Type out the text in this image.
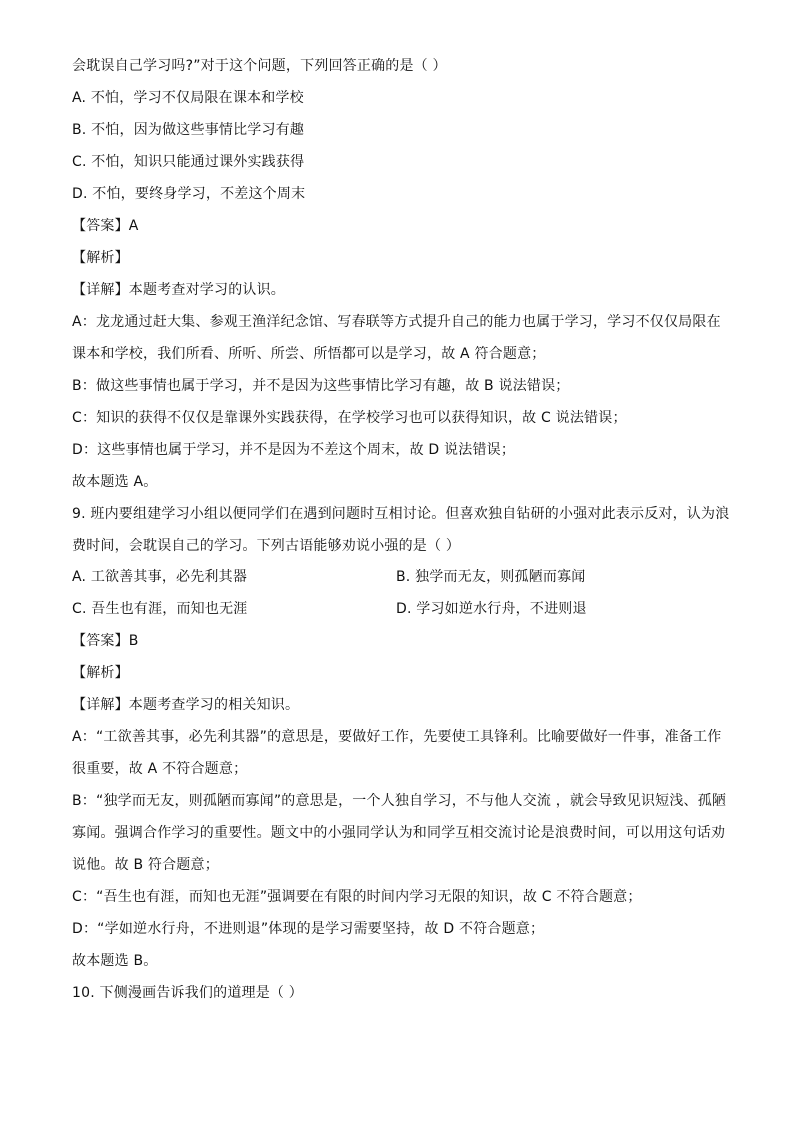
会耽误自己学习吗?”对于这个问题，下列回答正确的是（ ）
A. 不怕，学习不仅局限在课本和学校
B. 不怕，因为做这些事情比学习有趣
C. 不怕，知识只能通过课外实践获得
D. 不怕，要终身学习，不差这个周末
【答案】A
【解析】
【详解】本题考查对学习的认识。
A：龙龙通过赶大集、参观王渔洋纪念馆、写春联等方式提升自己的能力也属于学习，学习不仅仅局限在
课本和学校，我们所看、所听、所尝、所悟都可以是学习，故 A 符合题意；
B：做这些事情也属于学习，并不是因为这些事情比学习有趣，故 B 说法错误；
C：知识的获得不仅仅是靠课外实践获得，在学校学习也可以获得知识，故 C 说法错误；
D：这些事情也属于学习，并不是因为不差这个周末，故 D 说法错误；
故本题选 A。
9. 班内要组建学习小组以便同学们在遇到问题时互相讨论。但喜欢独自钻研的小强对此表示反对，认为浪
费时间，会耽误自己的学习。下列古语能够劝说小强的是（ ）
A. 工欲善其事，必先利其器	B. 独学而无友，则孤陋而寡闻
C. 吾生也有涯，而知也无涯	D. 学习如逆水行舟，不进则退
【答案】B
【解析】
【详解】本题考查学习的相关知识。
A：“工欲善其事，必先利其器”的意思是，要做好工作，先要使工具锋利。比喻要做好一件事，准备工作
很重要，故 A 不符合题意；
B：“独学而无友，则孤陋而寡闻”的意思是，一个人独自学习，不与他人交流 ，就会导致见识短浅、孤陋
寡闻。强调合作学习的重要性。题文中的小强同学认为和同学互相交流讨论是浪费时间，可以用这句话劝
说他。故 B 符合题意；
C：“吾生也有涯，而知也无涯”强调要在有限的时间内学习无限的知识，故 C 不符合题意；
D：“学如逆水行舟，不进则退”体现的是学习需要坚持，故 D 不符合题意；
故本题选 B。
10. 下侧漫画告诉我们的道理是（ ）
